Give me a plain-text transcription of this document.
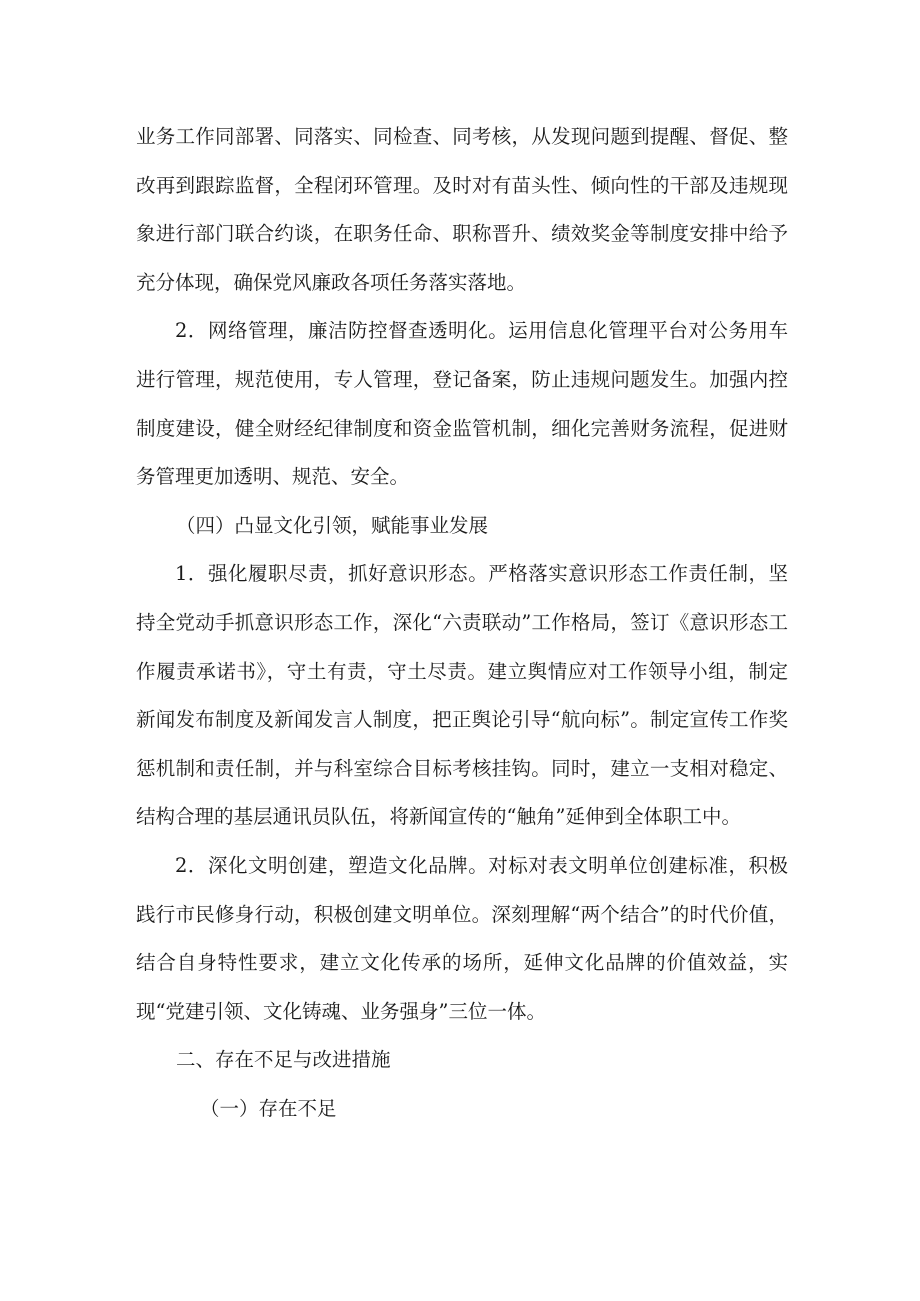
业务工作同部署、同落实、同检查、同考核，从发现问题到提醒、督促、整改再到跟踪监督，全程闭环管理。及时对有苗头性、倾向性的干部及违规现象进行部门联合约谈，在职务任命、职称晋升、绩效奖金等制度安排中给予充分体现，确保党风廉政各项任务落实落地。

2．网络管理，廉洁防控督查透明化。运用信息化管理平台对公务用车进行管理，规范使用，专人管理，登记备案，防止违规问题发生。加强内控制度建设，健全财经纪律制度和资金监管机制，细化完善财务流程，促进财务管理更加透明、规范、安全。

（四）凸显文化引领，赋能事业发展

1．强化履职尽责，抓好意识形态。严格落实意识形态工作责任制，坚持全党动手抓意识形态工作，深化“六责联动”工作格局，签订《意识形态工作履责承诺书》，守土有责，守土尽责。建立舆情应对工作领导小组，制定新闻发布制度及新闻发言人制度，把正舆论引导“航向标”。制定宣传工作奖惩机制和责任制，并与科室综合目标考核挂钩。同时，建立一支相对稳定、结构合理的基层通讯员队伍，将新闻宣传的“触角”延伸到全体职工中。

2．深化文明创建，塑造文化品牌。对标对表文明单位创建标准，积极践行市民修身行动，积极创建文明单位。深刻理解“两个结合”的时代价值，结合自身特性要求，建立文化传承的场所，延伸文化品牌的价值效益，实现“党建引领、文化铸魂、业务强身”三位一体。

二、存在不足与改进措施

（一）存在不足
